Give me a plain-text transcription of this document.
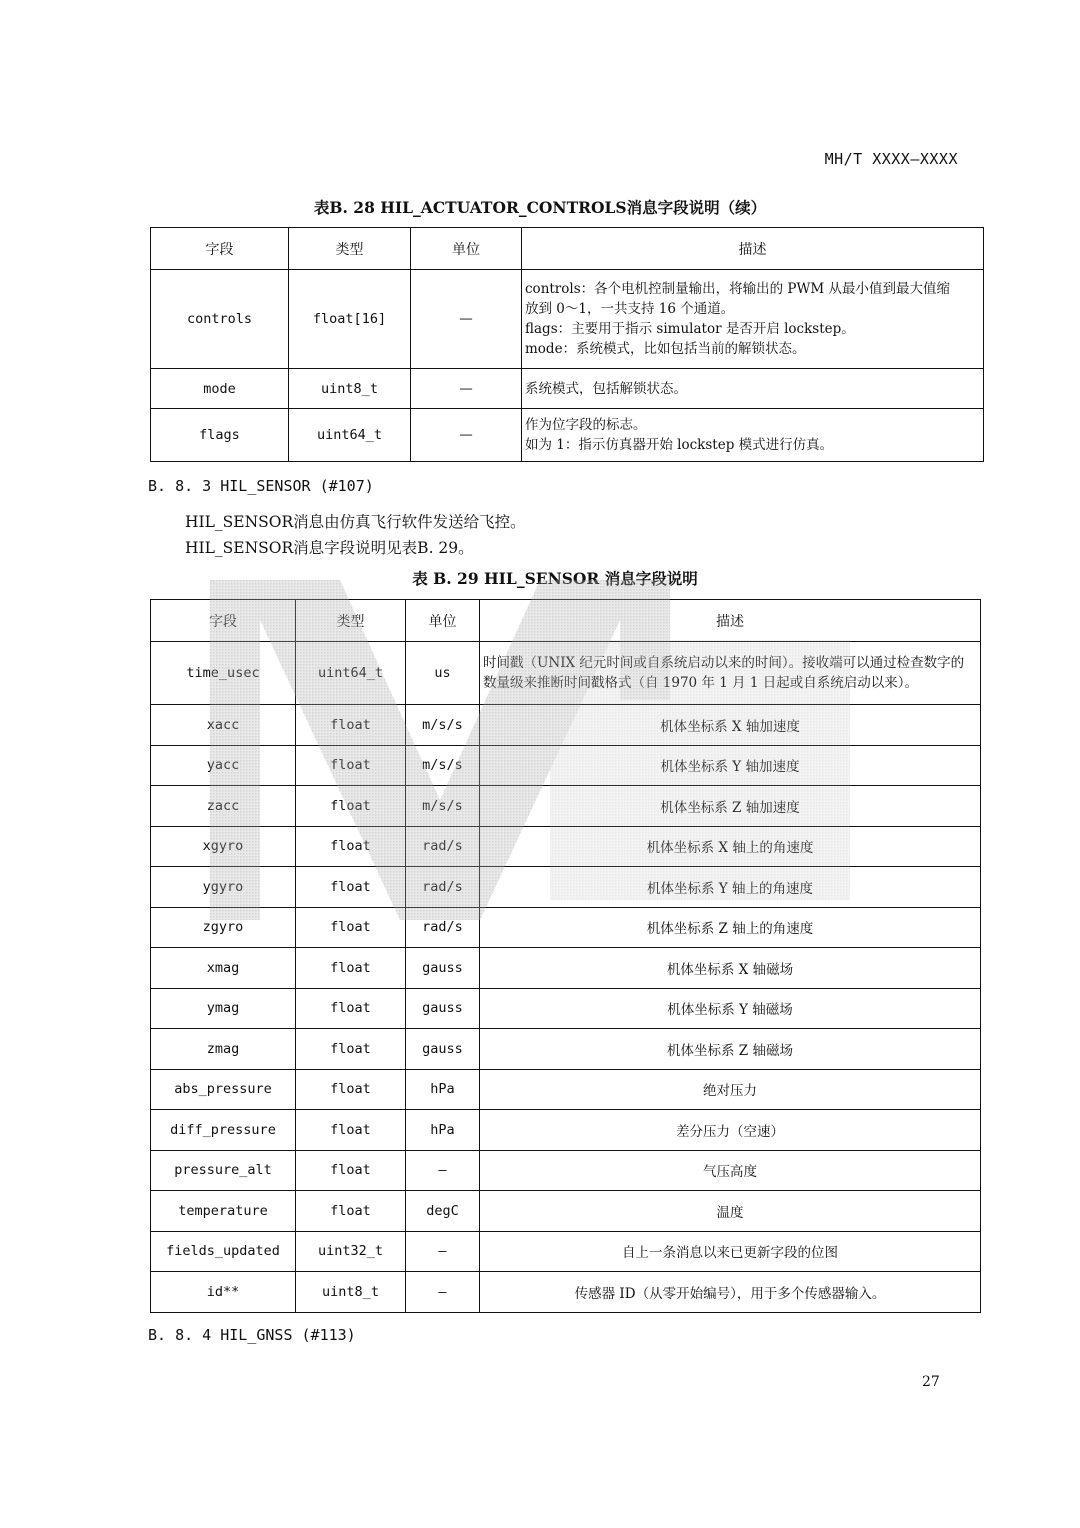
MH/T XXXX—XXXX
表B. 28 HIL_ACTUATOR_CONTROLS消息字段说明（续）
字段	类型	单位	描述
controls	float[16]	—	controls：各个电机控制量输出，将输出的 PWM 从最小值到最大值缩
放到 0～1，一共支持 16 个通道。
flags：主要用于指示 simulator 是否开启 lockstep。
mode：系统模式，比如包括当前的解锁状态。

mode	uint8_t	—	系统模式，包括解锁状态。

flags	uint64_t	—	作为位字段的标志。
如为 1：指示仿真器开始 lockstep 模式进行仿真。
B. 8. 3 HIL_SENSOR (#107)
HIL_SENSOR消息由仿真飞行软件发送给飞控。
HIL_SENSOR消息字段说明见表B. 29。
表 B. 29 HIL_SENSOR 消息字段说明
字段	类型	单位	描述
time_usec	uint64_t	us	时间戳（UNIX 纪元时间或自系统启动以来的时间）。接收端可以通过检查数字的数量级来推断时间戳格式（自 1970 年 1 月 1 日起或自系统启动以来）。
xacc	float	m/s/s	机体坐标系 X 轴加速度
yacc	float	m/s/s	机体坐标系 Y 轴加速度
zacc	float	m/s/s	机体坐标系 Z 轴加速度
xgyro	float	rad/s	机体坐标系 X 轴上的角速度
ygyro	float	rad/s	机体坐标系 Y 轴上的角速度
zgyro	float	rad/s	机体坐标系 Z 轴上的角速度
xmag	float	gauss	机体坐标系 X 轴磁场
ymag	float	gauss	机体坐标系 Y 轴磁场
zmag	float	gauss	机体坐标系 Z 轴磁场
abs_pressure	float	hPa	绝对压力
diff_pressure	float	hPa	差分压力（空速）
pressure_alt	float	—	气压高度
temperature	float	degC	温度
fields_updated	uint32_t	—	自上一条消息以来已更新字段的位图
id**	uint8_t	—	传感器 ID（从零开始编号），用于多个传感器输入。
B. 8. 4 HIL_GNSS (#113)
27
